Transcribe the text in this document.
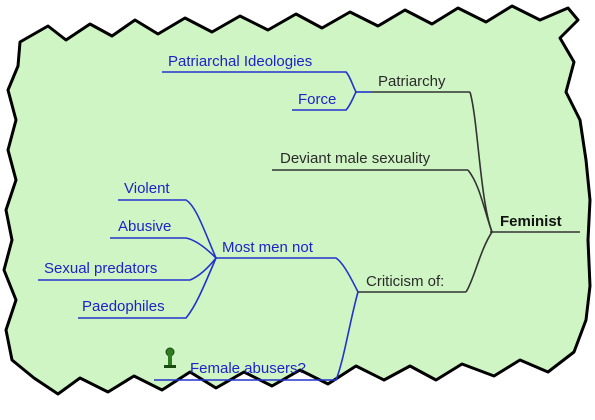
Feminist
Patriarchy
Patriarchal Ideologies
Force
Deviant male sexuality
Criticism of:
Most men not
Violent
Abusive
Sexual predators
Paedophiles
Female abusers?
